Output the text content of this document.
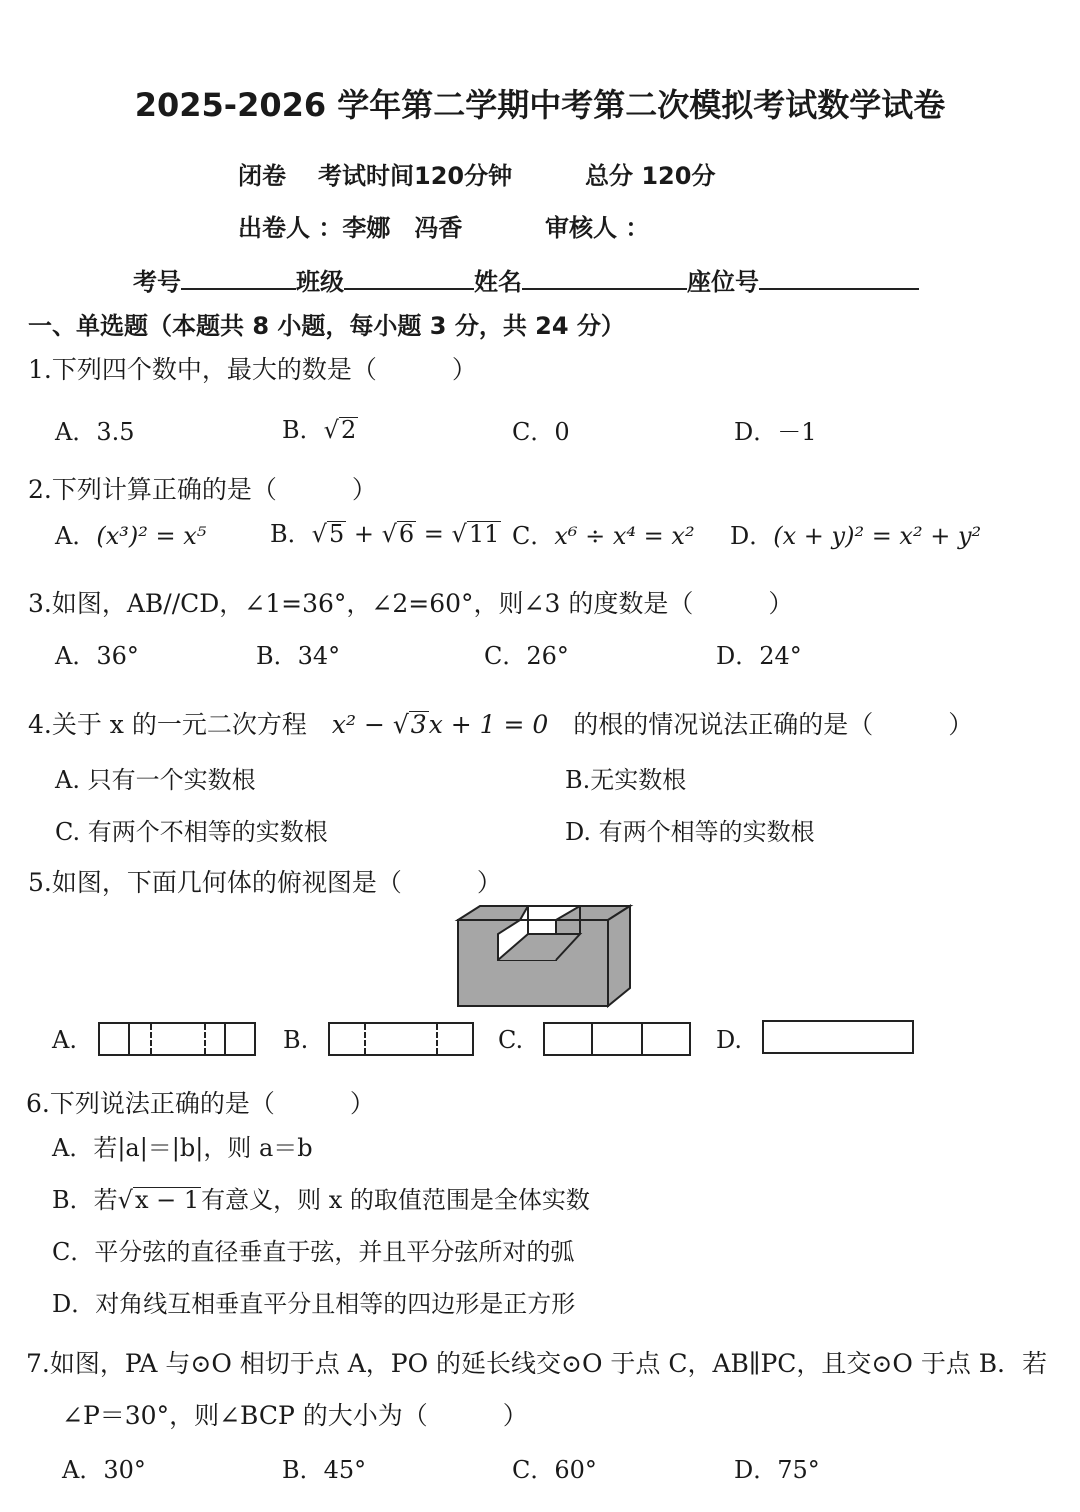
2025-2026 学年第二学期中考第二次模拟考试数学试卷
闭卷 考试时间120分钟	总分 120分
出卷人 ：李娜　冯香	审核人 ：
考号	班级	姓名	座位号
一、单选题（本题共 8 小题，每小题 3 分，共 24 分）
1.下列四个数中，最大的数是（　　　）
A．3.5	B．√2	C．0	D．－1
2.下列计算正确的是（　　　）
A．(x³)² = x⁵	B．√5 + √6 = √11 C．x⁶ ÷ x⁴ = x² D．(x + y)² = x² + y²
3.如图，AB//CD，∠1=36°，∠2=60°，则∠3 的度数是（　　　）
A．36°	B．34°	C．26°	D．24°
4.关于 x 的一元二次方程　 x² − √3x + 1 = 0　 的根的情况说法正确的是（　　　）
A. 只有一个实数根	B.无实数根
C. 有两个不相等的实数根	D. 有两个相等的实数根
5.如图，下面几何体的俯视图是（　　　）
A.	B.	C.	D.
6.下列说法正确的是（　　　）
A．若|a|＝|b|，则 a＝b
B．若√x − 1有意义，则 x 的取值范围是全体实数
C．平分弦的直径垂直于弦，并且平分弦所对的弧
D．对角线互相垂直平分且相等的四边形是正方形
7.如图，PA 与⊙O 相切于点 A，PO 的延长线交⊙O 于点 C，AB∥PC，且交⊙O 于点 B．若
∠P＝30°，则∠BCP 的大小为（　　　）
A．30°	B．45°	C．60°	D．75°
